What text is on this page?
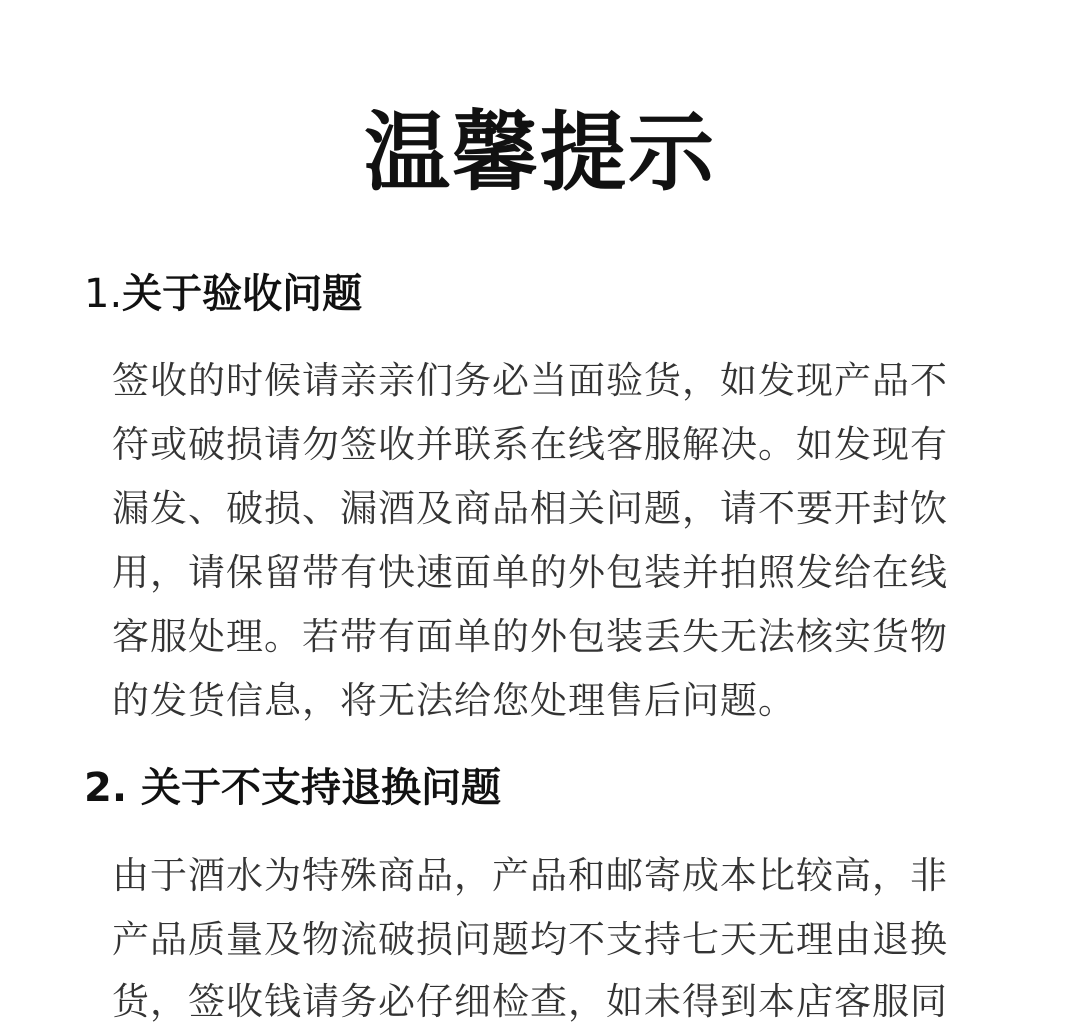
温馨提示
1.关于验收问题
签收的时候请亲亲们务必当面验货，如发现产品不
符或破损请勿签收并联系在线客服解决。如发现有
漏发、破损、漏酒及商品相关问题，请不要开封饮
用，请保留带有快速面单的外包装并拍照发给在线
客服处理。若带有面单的外包装丢失无法核实货物
的发货信息，将无法给您处理售后问题。
2. 关于不支持退换问题
由于酒水为特殊商品，产品和邮寄成本比较高，非
产品质量及物流破损问题均不支持七天无理由退换
货，签收钱请务必仔细检查，如未得到本店客服同
